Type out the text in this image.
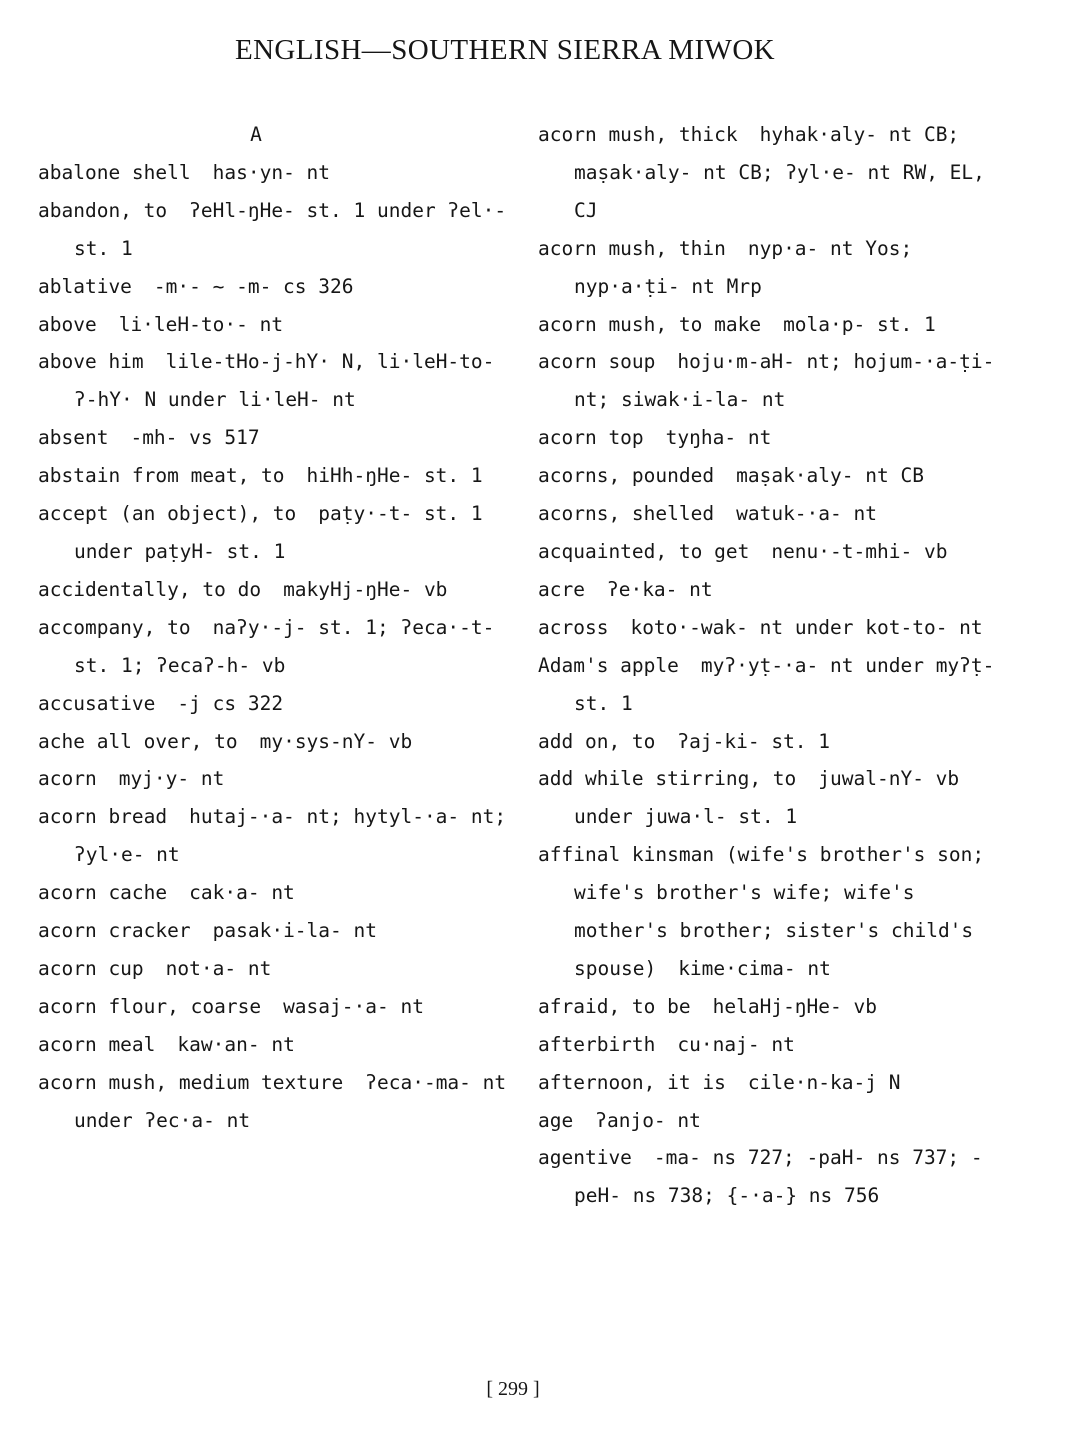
ENGLISH—SOUTHERN SIERRA MIWOK
A
abalone shell has·yn- nt
abandon, to ʔeHl-ŋHe- st. 1 under ʔel·- st. 1
ablative -m·- ~ -m- cs 326
above li·leH-to·- nt
above him lile-tHo-j-hY· N, li·leH-to-ʔ-hY· N under li·leH- nt
absent -mh- vs 517
abstain from meat, to hiHh-ŋHe- st. 1
accept (an object), to paṭy·-t- st. 1 under paṭyH- st. 1
accidentally, to do makyHj-ŋHe- vb
accompany, to naʔy·-j- st. 1; ʔeca·-t- st. 1; ʔecaʔ-h- vb
accusative -j cs 322
ache all over, to my·sys-nY- vb
acorn myj·y- nt
acorn bread hutaj-·a- nt; hytyl-·a- nt; ʔyl·e- nt
acorn cache cak·a- nt
acorn cracker pasak·i-la- nt
acorn cup not·a- nt
acorn flour, coarse wasaj-·a- nt
acorn meal kaw·an- nt
acorn mush, medium texture ʔeca·-ma- nt under ʔec·a- nt
acorn mush, thick hyhak·aly- nt CB; maṣak·aly- nt CB; ʔyl·e- nt RW, EL, CJ
acorn mush, thin nyp·a- nt Yos; nyp·a·ṭi- nt Mrp
acorn mush, to make mola·p- st. 1
acorn soup hoju·m-aH- nt; hojum-·a-ṭi- nt; siwak·i-la- nt
acorn top tyŋha- nt
acorns, pounded maṣak·aly- nt CB
acorns, shelled watuk-·a- nt
acquainted, to get nenu·-t-mhi- vb
acre ʔe·ka- nt
across koto·-wak- nt under kot-to- nt
Adam's apple myʔ·yṭ-·a- nt under myʔṭ- st. 1
add on, to ʔaj-ki- st. 1
add while stirring, to juwal-nY- vb under juwa·l- st. 1
affinal kinsman (wife's brother's son; wife's brother's wife; wife's mother's brother; sister's child's spouse) kime·cima- nt
afraid, to be helaHj-ŋHe- vb
afterbirth cu·naj- nt
afternoon, it is cile·n-ka-j N
age ʔanjo- nt
agentive -ma- ns 727; -paH- ns 737; -peH- ns 738; {-·a-} ns 756
[ 299 ]
